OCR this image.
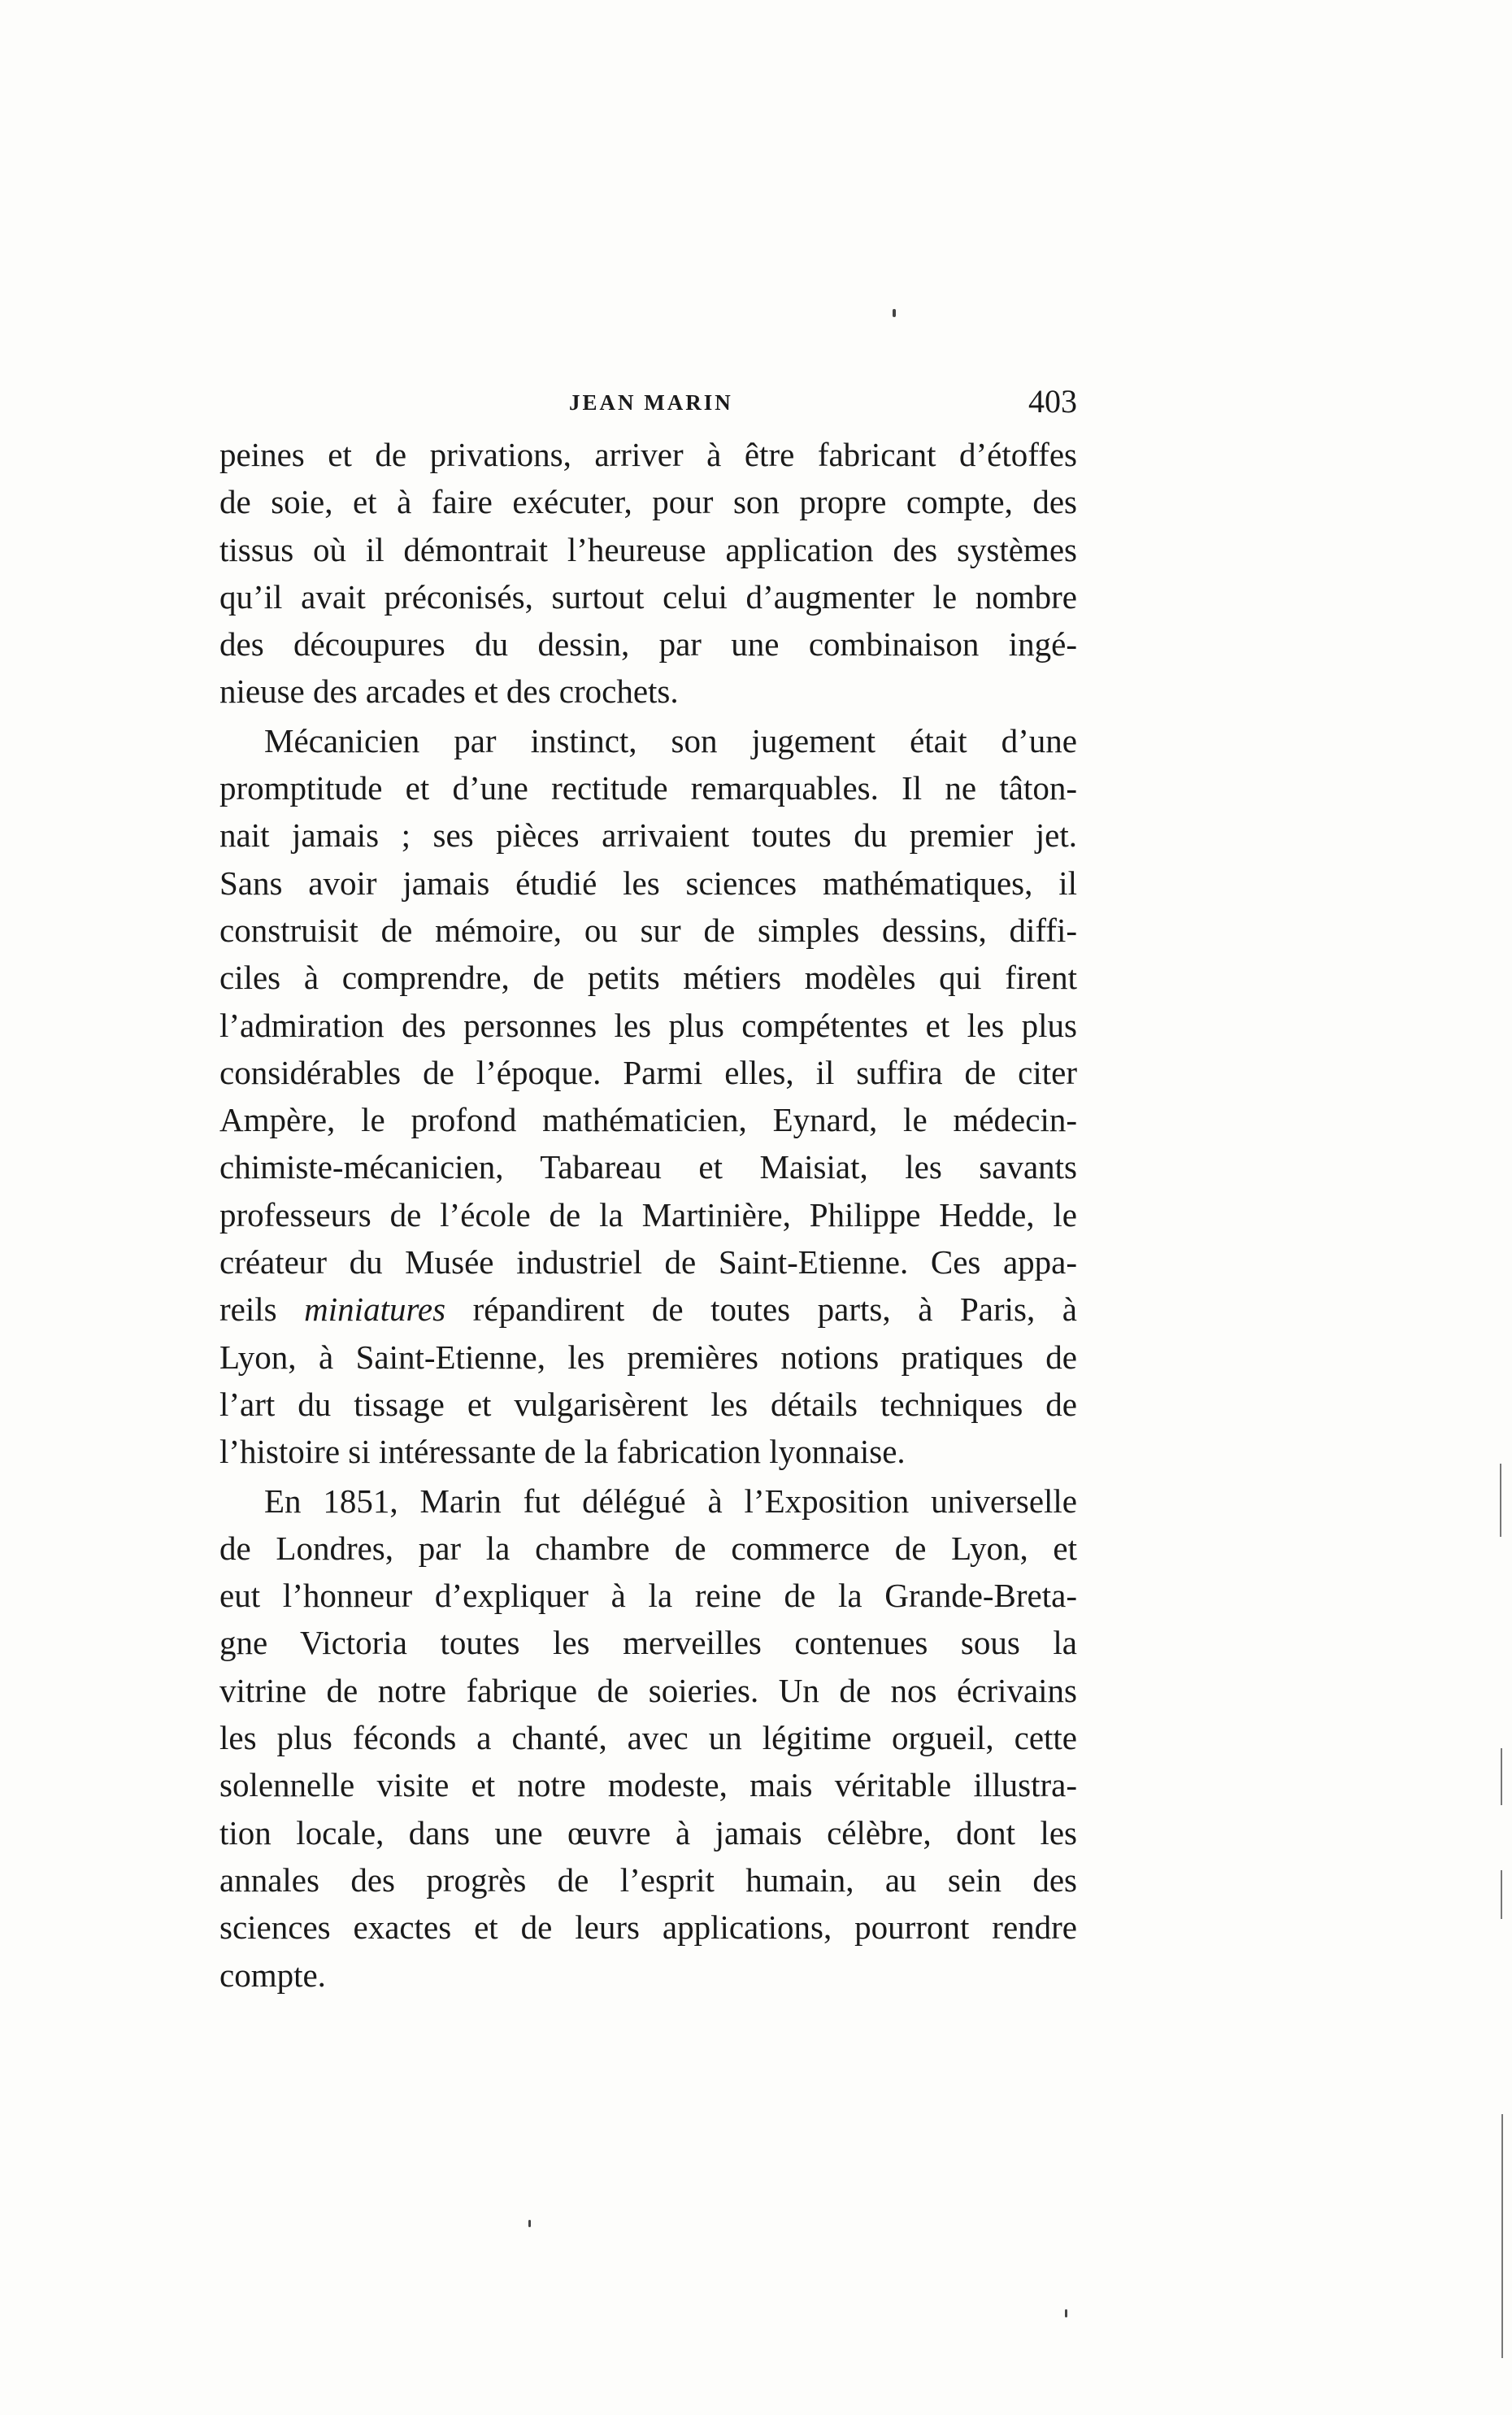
JEAN MARIN	403
peines et de privations, arriver à être fabricant d’étoffes
de soie, et à faire exécuter, pour son propre compte, des
tissus où il démontrait l’heureuse application des systèmes
qu’il avait préconisés, surtout celui d’augmenter le nombre
des découpures du dessin, par une combinaison ingé-
nieuse des arcades et des crochets.
Mécanicien par instinct, son jugement était d’une
promptitude et d’une rectitude remarquables. Il ne tâton-
nait jamais ; ses pièces arrivaient toutes du premier jet.
Sans avoir jamais étudié les sciences mathématiques, il
construisit de mémoire, ou sur de simples dessins, diffi-
ciles à comprendre, de petits métiers modèles qui firent
l’admiration des personnes les plus compétentes et les plus
considérables de l’époque. Parmi elles, il suffira de citer
Ampère, le profond mathématicien, Eynard, le médecin-
chimiste-mécanicien, Tabareau et Maisiat, les savants
professeurs de l’école de la Martinière, Philippe Hedde, le
créateur du Musée industriel de Saint-Etienne. Ces appa-
reils miniatures répandirent de toutes parts, à Paris, à
Lyon, à Saint-Etienne, les premières notions pratiques de
l’art du tissage et vulgarisèrent les détails techniques de
l’histoire si intéressante de la fabrication lyonnaise.
En 1851, Marin fut délégué à l’Exposition universelle
de Londres, par la chambre de commerce de Lyon, et
eut l’honneur d’expliquer à la reine de la Grande-Breta-
gne Victoria toutes les merveilles contenues sous la
vitrine de notre fabrique de soieries. Un de nos écrivains
les plus féconds a chanté, avec un légitime orgueil, cette
solennelle visite et notre modeste, mais véritable illustra-
tion locale, dans une œuvre à jamais célèbre, dont les
annales des progrès de l’esprit humain, au sein des
sciences exactes et de leurs applications, pourront rendre
compte.
